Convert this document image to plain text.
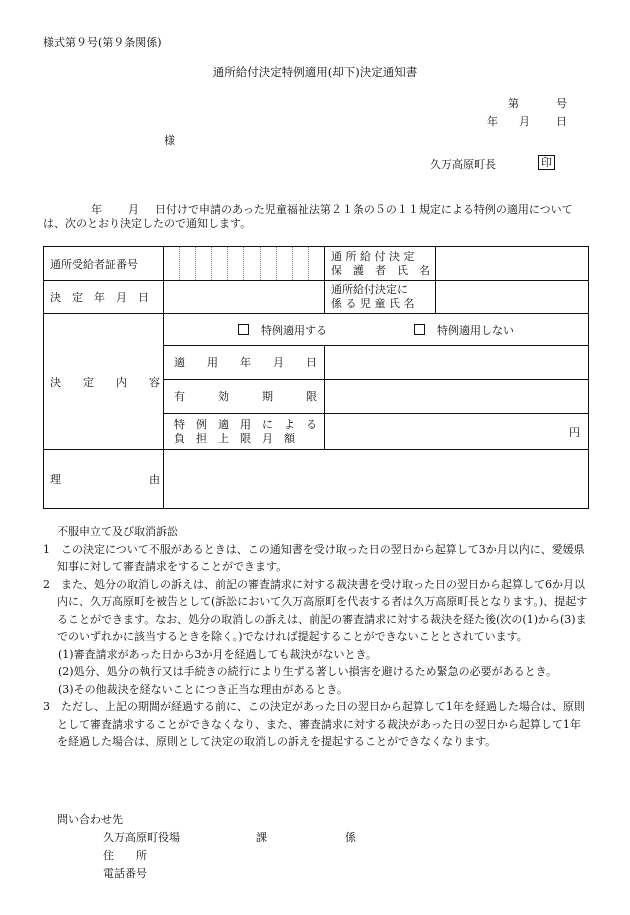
様式第９号(第９条関係)
通所給付決定特例適用(却下)決定通知書
第	号
年 月 日
様
久万高原町長	印
年 月 日付けで申請のあった児童福祉法第２１条の５の１１規定による特例の適用については、次のとおり決定したので通知します。
通所受給者証番号		通 所 給 付 決 定
保　護　者　氏　名	

決　定　年　月　日		通所給付決定に
係 る 児 童 氏 名	

決　　定　　内　　容	特例適用する 特例適用しない		
	適　　用　　年　　月　　日		
	有　　　効　　　期　　　限		

	特　例　適　用　に　よ　る
負　担　上　限　月　額	円	
理　　　　　　　　由			
不服申立て及び取消訴訟
1　この決定について不服があるときは、この通知書を受け取った日の翌日から起算して3か月以内に、愛媛県知事に対して審査請求をすることができます。
2　また、処分の取消しの訴えは、前記の審査請求に対する裁決書を受け取った日の翌日から起算して6か月以内に、久万高原町を被告として(訴訟において久万高原町を代表する者は久万高原町長となります。)、提起することができます。なお、処分の取消しの訴えは、前記の審査請求に対する裁決を経た後(次の(1)から(3)までのいずれかに該当するときを除く。)でなければ提起することができないこととされています。
(1)審査請求があった日から3か月を経過しても裁決がないとき。
(2)処分、処分の執行又は手続きの続行により生ずる著しい損害を避けるため緊急の必要があるとき。
(3)その他裁決を経ないことにつき正当な理由があるとき。
3　ただし、上記の期間が経過する前に、この決定があった日の翌日から起算して1年を経過した場合は、原則として審査請求することができなくなり、また、審査請求に対する裁決があった日の翌日から起算して1年を経過した場合は、原則として決定の取消しの訴えを提起することができなくなります。
問い合わせ先
久万高原町役場	課	係
住　　所
電話番号
